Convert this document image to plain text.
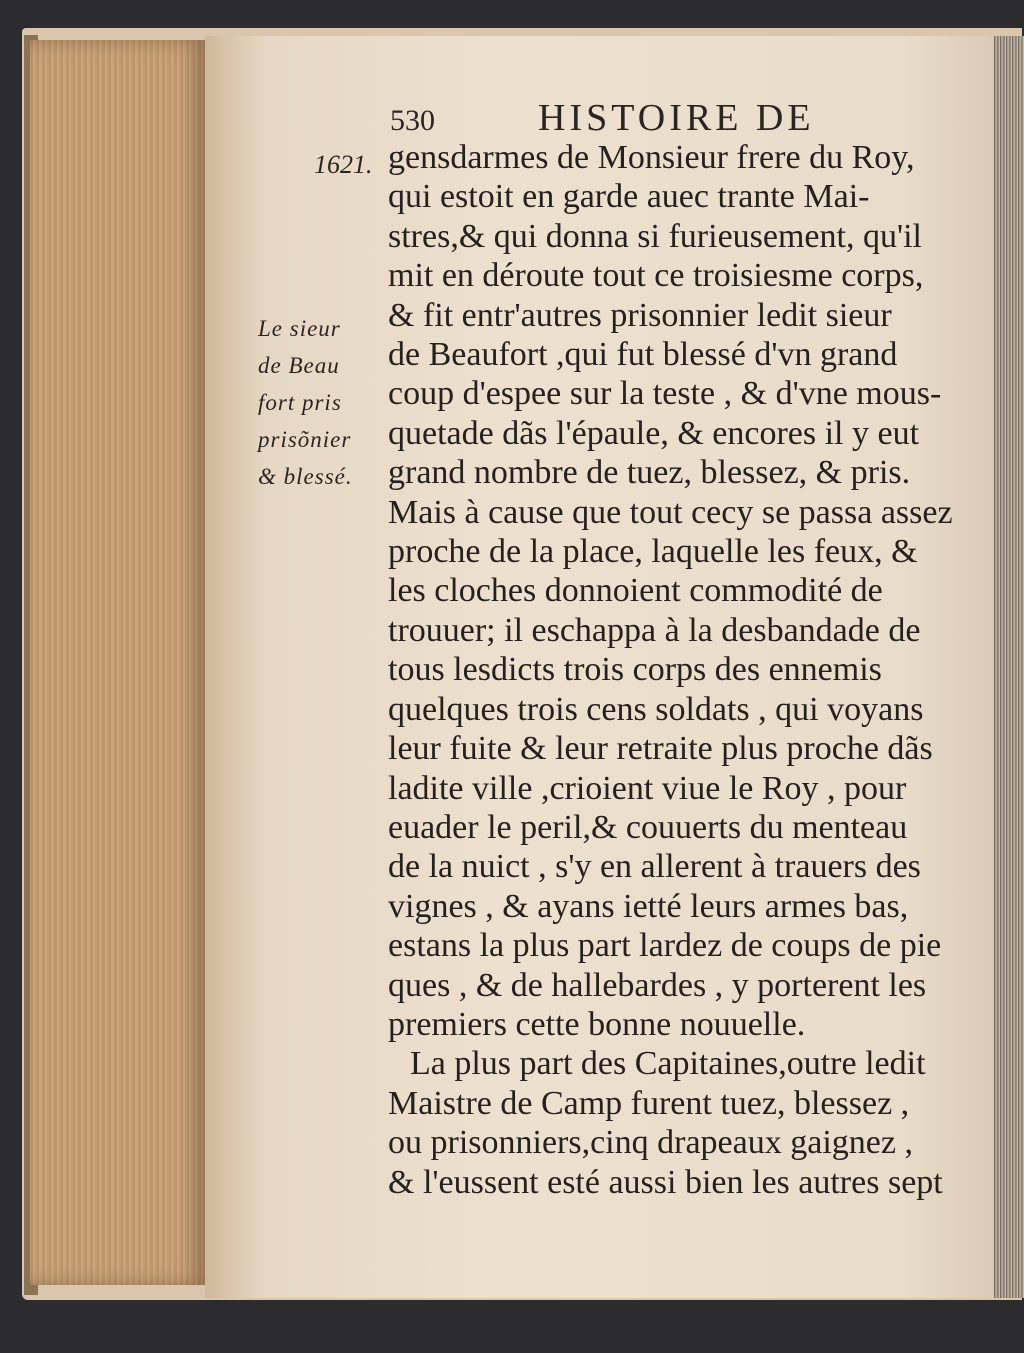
530	HISTOIRE DE
1621.
Le sieur
de Beau
fort pris
prisõnier
& blessé.
gensdarmes de Monsieur frere du Roy,
qui estoit en garde auec trante Mai-
stres,& qui donna si furieusement, qu'il
mit en déroute tout ce troisiesme corps,
& fit entr'autres prisonnier ledit sieur
de Beaufort ,qui fut blessé d'vn grand
coup d'espee sur la teste , & d'vne mous-
quetade dãs l'épaule, & encores il y eut
grand nombre de tuez, blessez, & pris.
Mais à cause que tout cecy se passa assez
proche de la place, laquelle les feux, &
les cloches donnoient commodité de
trouuer; il eschappa à la desbandade de
tous lesdicts trois corps des ennemis
quelques trois cens soldats , qui voyans
leur fuite & leur retraite plus proche dãs
ladite ville ,crioient viue le Roy , pour
euader le peril,& couuerts du menteau
de la nuict , s'y en allerent à trauers des
vignes , & ayans ietté leurs armes bas,
estans la plus part lardez de coups de pie
ques , & de hallebardes , y porterent les
premiers cette bonne nouuelle.
La plus part des Capitaines,outre ledit
Maistre de Camp furent tuez, blessez ,
ou prisonniers,cinq drapeaux gaignez ,
& l'eussent esté aussi bien les autres sept
